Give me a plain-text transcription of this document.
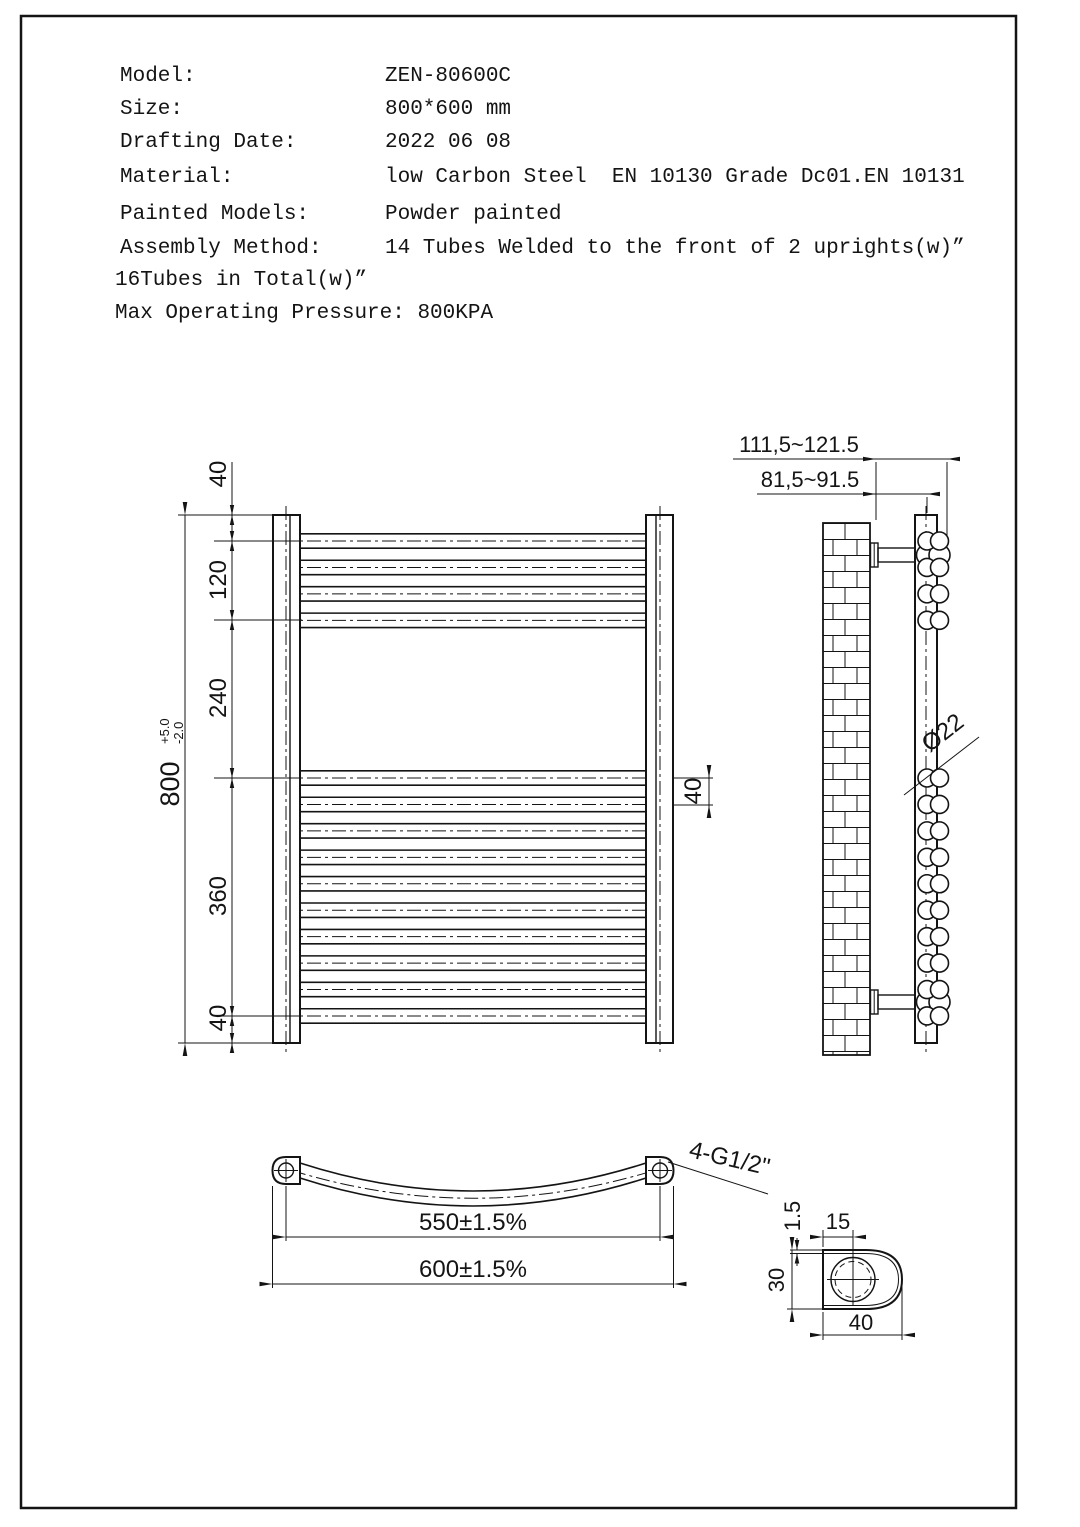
Model:	ZEN-80600C
Size:	800*600 mm
Drafting Date:	2022 06 08
Material:	low Carbon Steel  EN 10130 Grade Dc01.EN 10131
Painted Models:	Powder painted
Assembly Method:	14 Tubes Welded to the front of 2 uprights(w)”
16Tubes in Total(w)”
Max Operating Pressure: 800KPA
800
+5.0 -2.0
40
120
240
360
40
40
111,5~121.5
81,5~91.5
Ø22
550±1.5%
600±1.5%
4-G1/2"
15
1.5
30
40
